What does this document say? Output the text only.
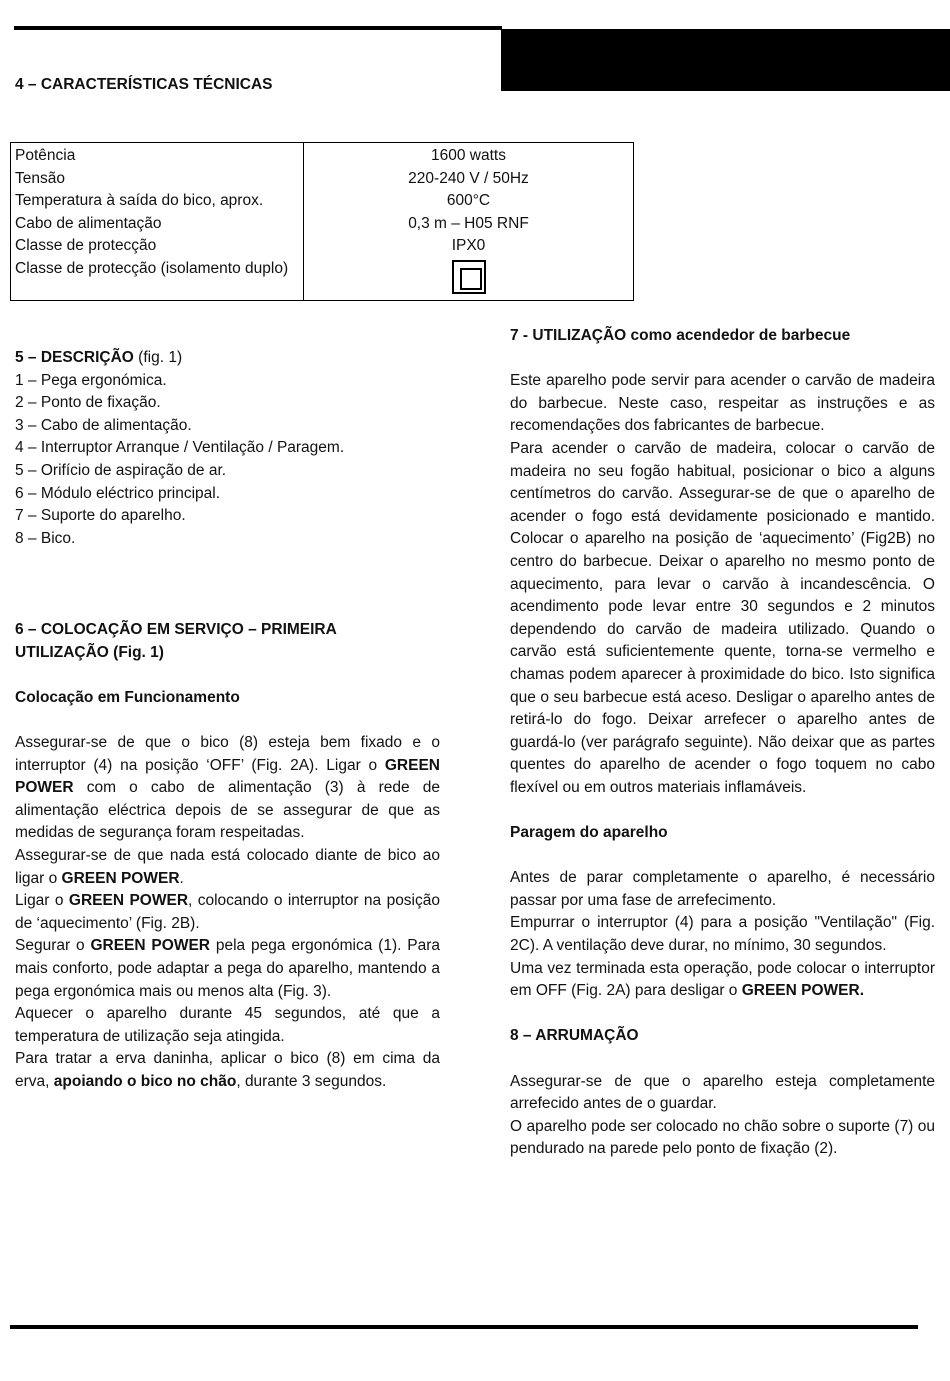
4 – CARACTERÍSTICAS TÉCNICAS
Potência
Tensão
Temperatura à saída do bico, aprox.
Cabo de alimentação
Classe de protecção
Classe de protecção (isolamento duplo)
1600 watts
220-240 V / 50Hz
600°C
0,3 m – H05 RNF
IPX0

5 – DESCRIÇÃO (fig. 1)

1 – Pega ergonómica.

2 – Ponto de fixação.

3 – Cabo de alimentação.

4 – Interruptor Arranque / Ventilação / Paragem.

5 – Orifício de aspiração de ar.

6 – Módulo eléctrico principal.

7 – Suporte do aparelho.

8 – Bico.

6 – COLOCAÇÃO EM SERVIÇO – PRIMEIRA

UTILIZAÇÃO (Fig. 1)

Colocação em Funcionamento

Assegurar-se de que o bico (8) esteja bem fixado e o interruptor (4) na posição ‘OFF’ (Fig. 2A). Ligar o GREEN POWER com o cabo de alimentação (3) à rede de alimentação eléctrica depois de se assegurar de que as medidas de segurança foram respeitadas.

Assegurar-se de que nada está colocado diante de bico ao ligar o GREEN POWER.

Ligar o GREEN POWER, colocando o interruptor na posição de ‘aquecimento’ (Fig. 2B).

Segurar o GREEN POWER pela pega ergonómica (1). Para mais conforto, pode adaptar a pega do aparelho, mantendo a pega ergonómica mais ou menos alta (Fig. 3).

Aquecer o aparelho durante 45 segundos, até que a temperatura de utilização seja atingida.

Para tratar a erva daninha, aplicar o bico (8) em cima da erva, apoiando o bico no chão, durante 3 segundos.

7 - UTILIZAÇÃO como acendedor de barbecue

Este aparelho pode servir para acender o carvão de madeira do barbecue. Neste caso, respeitar as instruções e as recomendações dos fabricantes de barbecue.

Para acender o carvão de madeira, colocar o carvão de madeira no seu fogão habitual, posicionar o bico a alguns centímetros do carvão. Assegurar-se de que o aparelho de acender o fogo está devidamente posicionado e mantido. Colocar o aparelho na posição de ‘aquecimento’ (Fig2B) no centro do barbecue. Deixar o aparelho no mesmo ponto de aquecimento, para levar o carvão à incandescência. O acendimento pode levar entre 30 segundos e 2 minutos dependendo do carvão de madeira utilizado. Quando o carvão está suficientemente quente, torna-se vermelho e chamas podem aparecer à proximidade do bico. Isto significa que o seu barbecue está aceso. Desligar o aparelho antes de retirá-lo do fogo. Deixar arrefecer o aparelho antes de guardá-lo (ver parágrafo seguinte). Não deixar que as partes quentes do aparelho de acender o fogo toquem no cabo flexível ou em outros materiais inflamáveis.

Paragem do aparelho

Antes de parar completamente o aparelho, é necessário passar por uma fase de arrefecimento.

Empurrar o interruptor (4) para a posição "Ventilação" (Fig. 2C). A ventilação deve durar, no mínimo, 30 segundos.

Uma vez terminada esta operação, pode colocar o interruptor em OFF (Fig. 2A) para desligar o GREEN POWER.

8 – ARRUMAÇÃO

Assegurar-se de que o aparelho esteja completamente arrefecido antes de o guardar.

O aparelho pode ser colocado no chão sobre o suporte (7) ou pendurado na parede pelo ponto de fixação (2).
